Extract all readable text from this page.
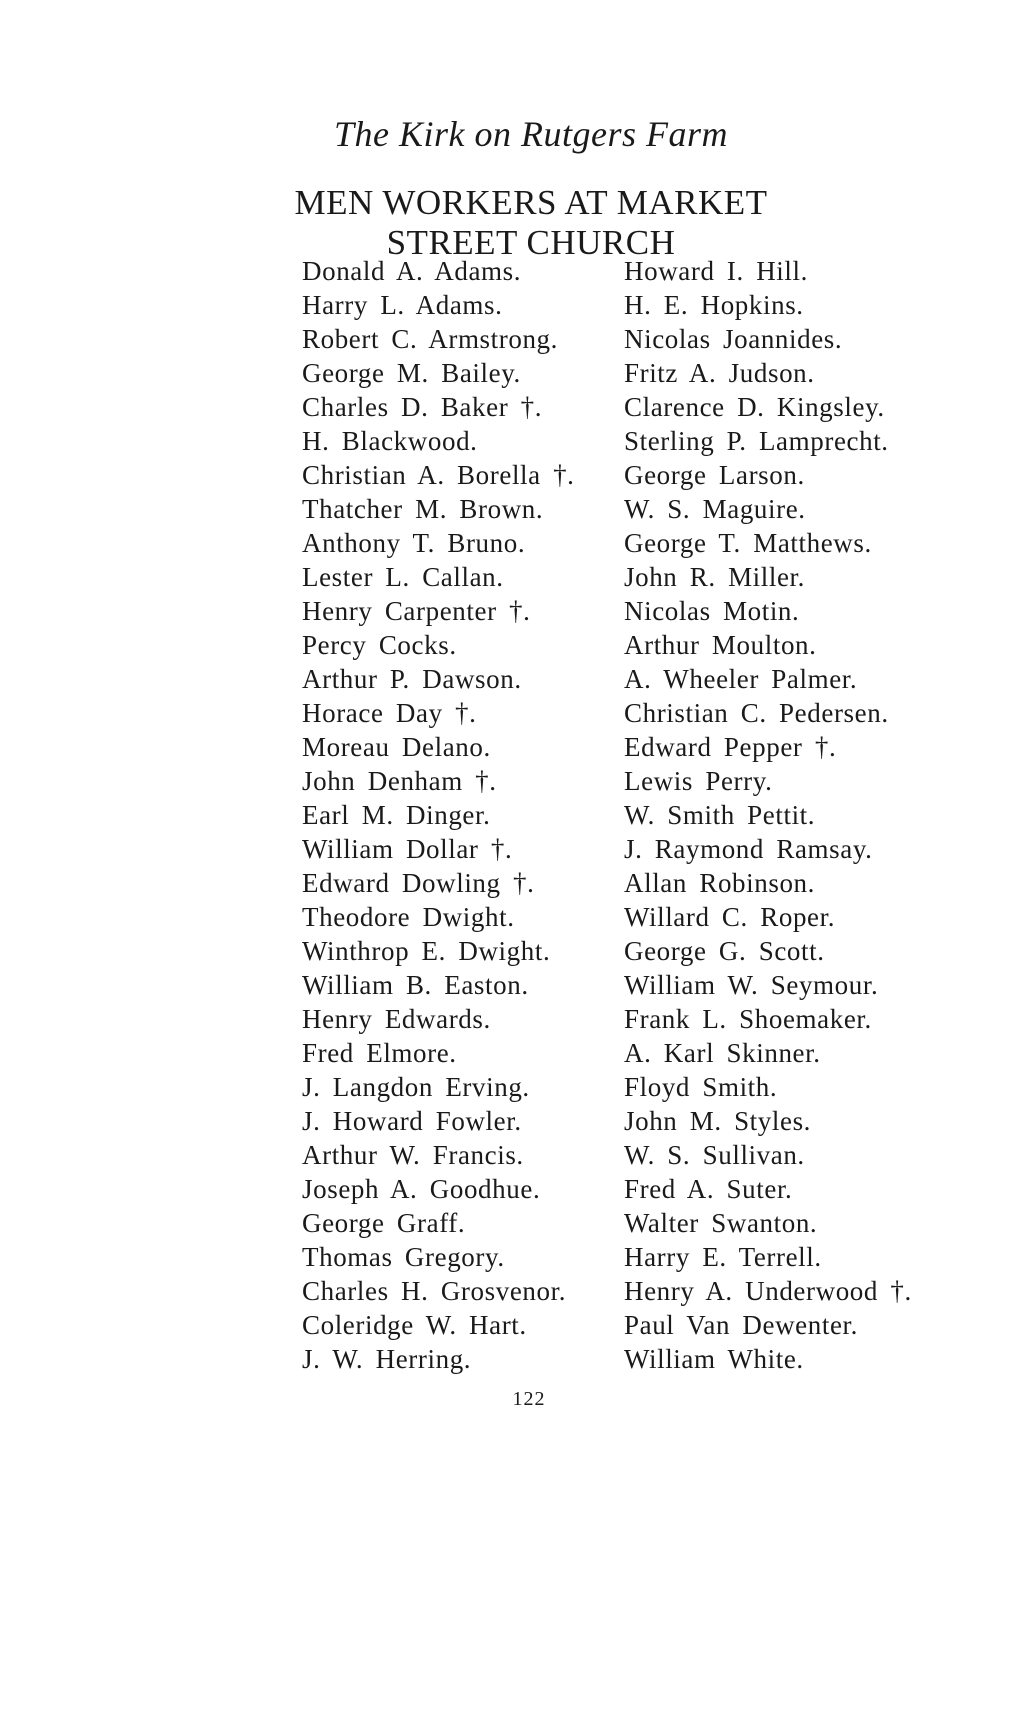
The Kirk on Rutgers Farm
MEN WORKERS AT MARKET
STREET CHURCH
Donald A. Adams.
Harry L. Adams.
Robert C. Armstrong.
George M. Bailey.
Charles D. Baker †.
H. Blackwood.
Christian A. Borella †.
Thatcher M. Brown.
Anthony T. Bruno.
Lester L. Callan.
Henry Carpenter †.
Percy Cocks.
Arthur P. Dawson.
Horace Day †.
Moreau Delano.
John Denham †.
Earl M. Dinger.
William Dollar †.
Edward Dowling †.
Theodore Dwight.
Winthrop E. Dwight.
William B. Easton.
Henry Edwards.
Fred Elmore.
J. Langdon Erving.
J. Howard Fowler.
Arthur W. Francis.
Joseph A. Goodhue.
George Graff.
Thomas Gregory.
Charles H. Grosvenor.
Coleridge W. Hart.
J. W. Herring.
Howard I. Hill.
H. E. Hopkins.
Nicolas Joannides.
Fritz A. Judson.
Clarence D. Kingsley.
Sterling P. Lamprecht.
George Larson.
W. S. Maguire.
George T. Matthews.
John R. Miller.
Nicolas Motin.
Arthur Moulton.
A. Wheeler Palmer.
Christian C. Pedersen.
Edward Pepper †.
Lewis Perry.
W. Smith Pettit.
J. Raymond Ramsay.
Allan Robinson.
Willard C. Roper.
George G. Scott.
William W. Seymour.
Frank L. Shoemaker.
A. Karl Skinner.
Floyd Smith.
John M. Styles.
W. S. Sullivan.
Fred A. Suter.
Walter Swanton.
Harry E. Terrell.
Henry A. Underwood †.
Paul Van Dewenter.
William White.
122
